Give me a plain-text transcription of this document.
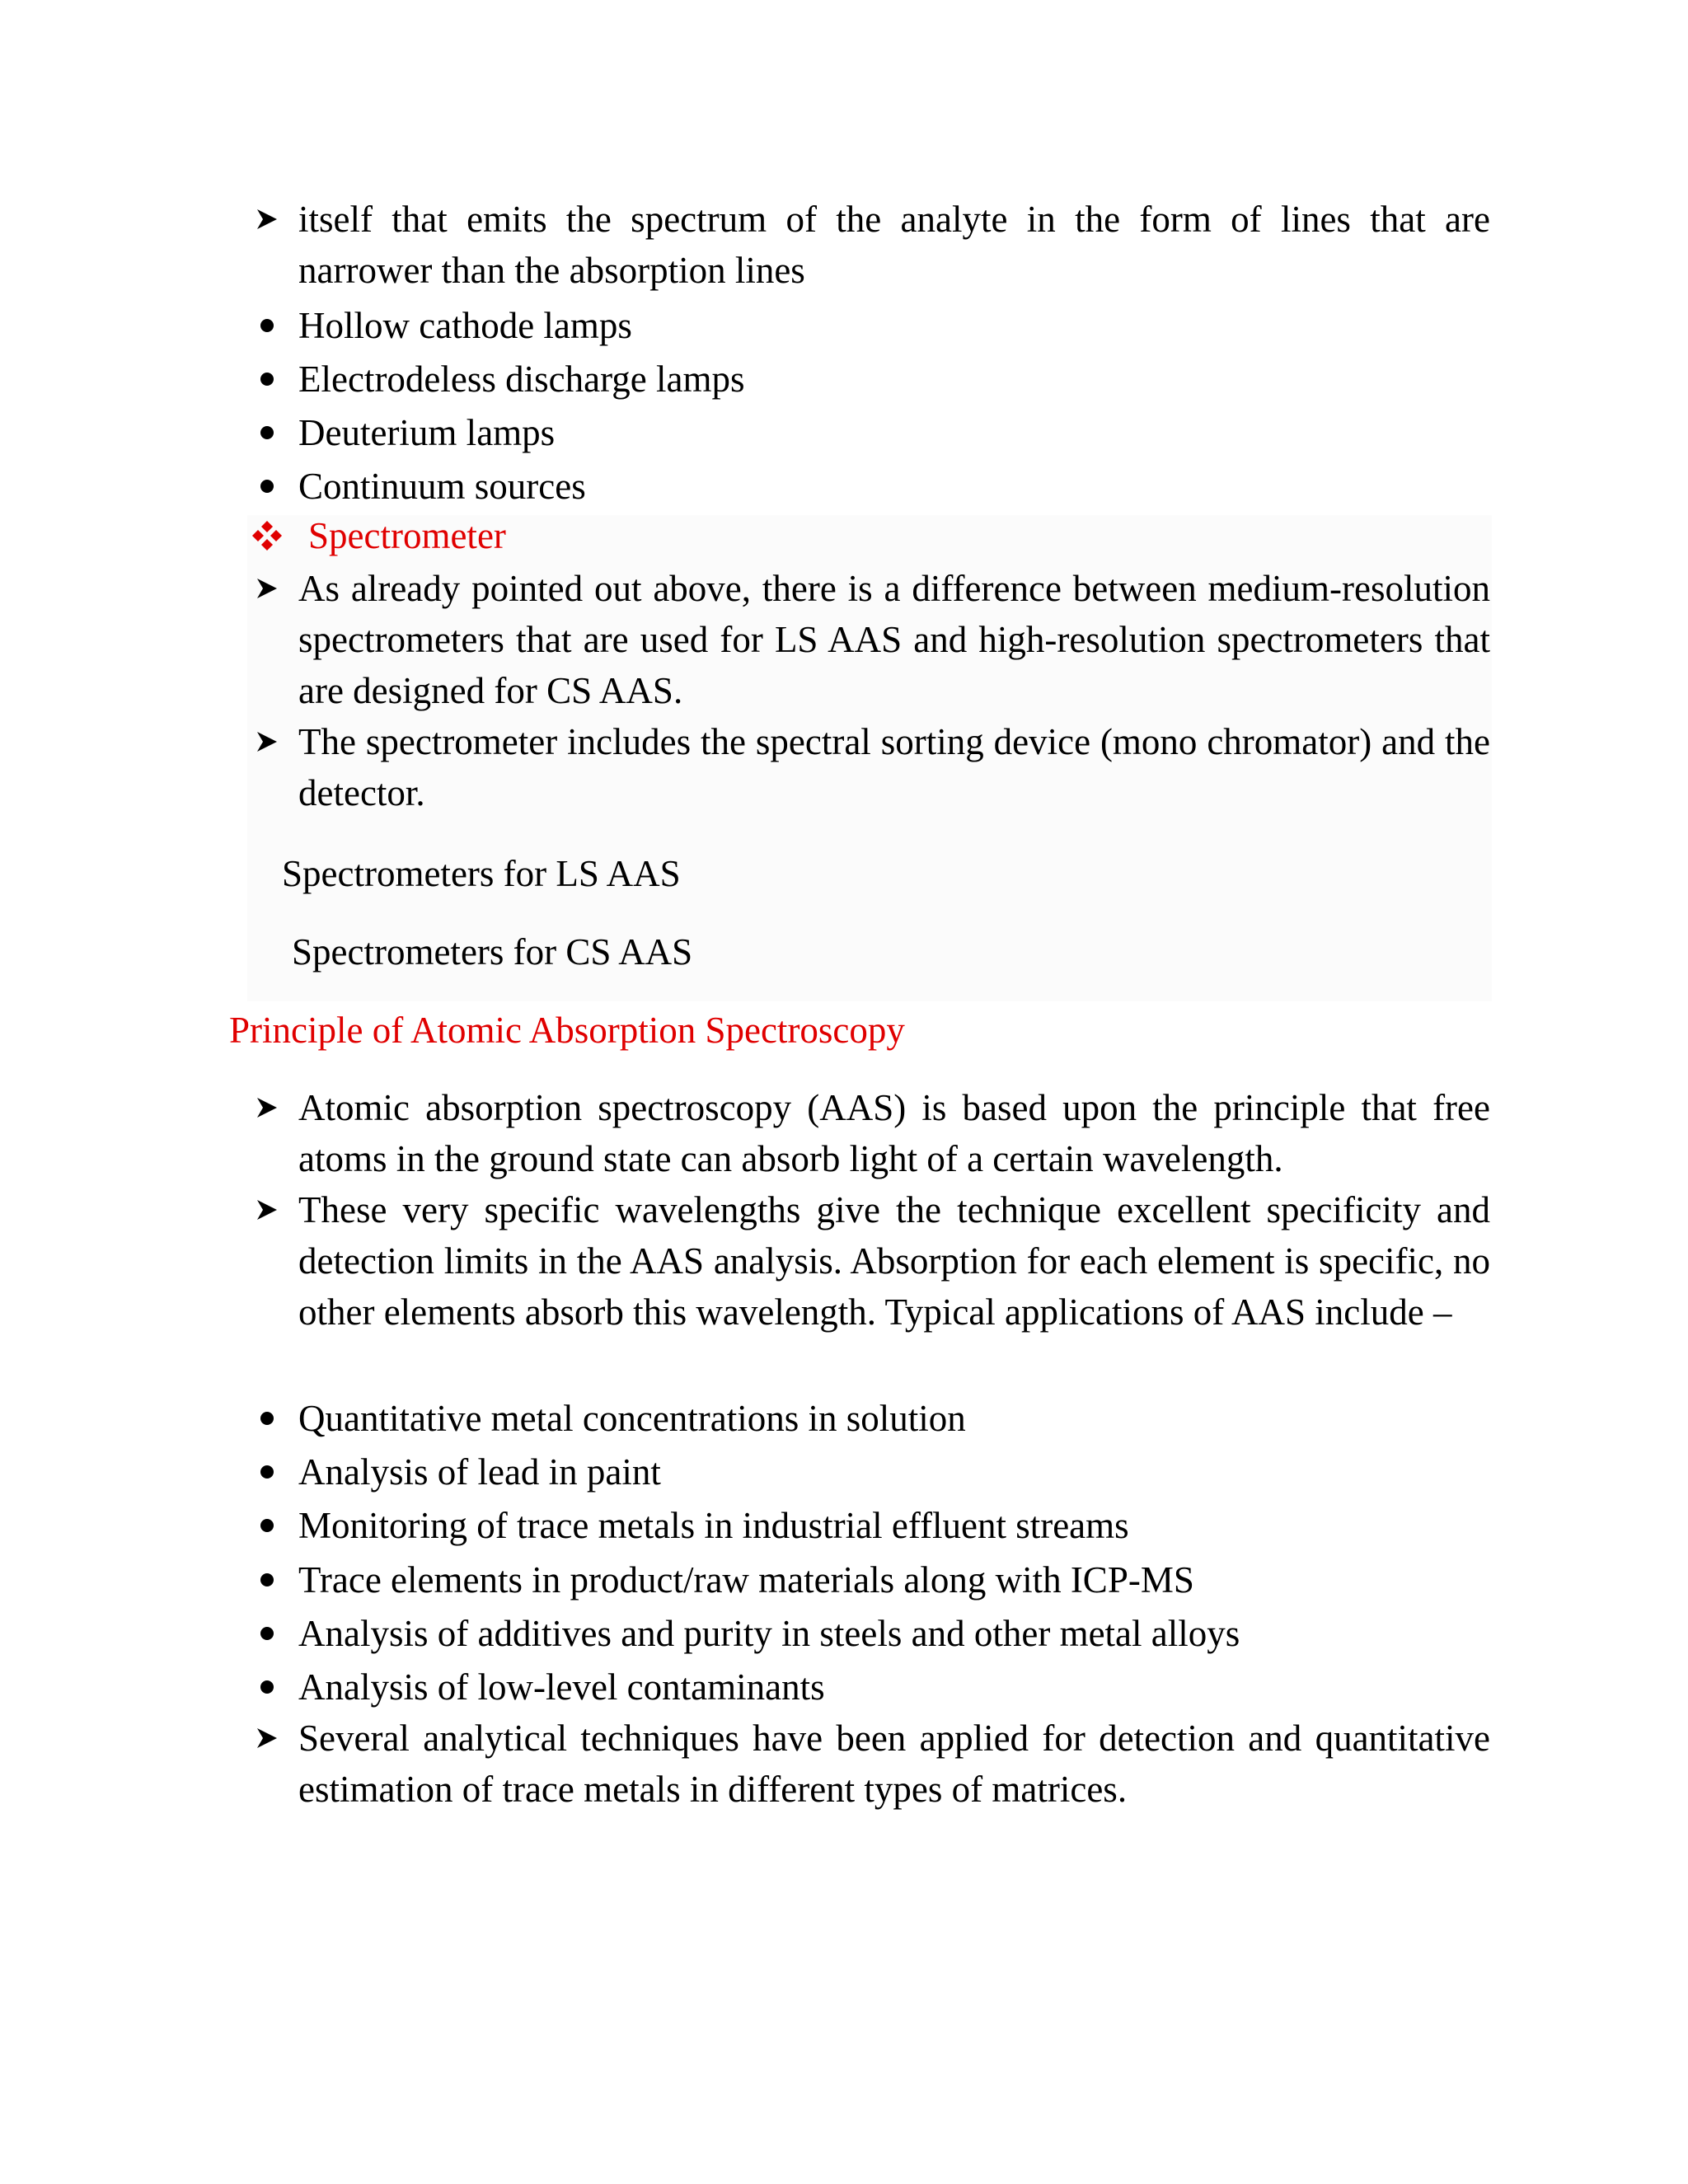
itself that emits the spectrum of the analyte in the form of lines that are narrower than the absorption lines
Hollow cathode lamps
Electrodeless discharge lamps
Deuterium lamps
Continuum sources
Spectrometer
As already pointed out above, there is a difference between medium-resolution spectrometers that are used for LS AAS and high-resolution spectrometers that are designed for CS AAS.
The spectrometer includes the spectral sorting device (mono chromator) and the detector.
Spectrometers for LS AAS
Spectrometers for CS AAS
Principle of Atomic Absorption Spectroscopy
Atomic absorption spectroscopy (AAS) is based upon the principle that free atoms in the ground state can absorb light of a certain wavelength.
These very specific wavelengths give the technique excellent specificity and detection limits in the AAS analysis. Absorption for each element is specific, no other elements absorb this wavelength. Typical applications of AAS include –
Quantitative metal concentrations in solution
Analysis of lead in paint
Monitoring of trace metals in industrial effluent streams
Trace elements in product/raw materials along with ICP-MS
Analysis of additives and purity in steels and other metal alloys
Analysis of low-level contaminants
Several analytical techniques have been applied for detection and quantitative estimation of trace metals in different types of matrices.
